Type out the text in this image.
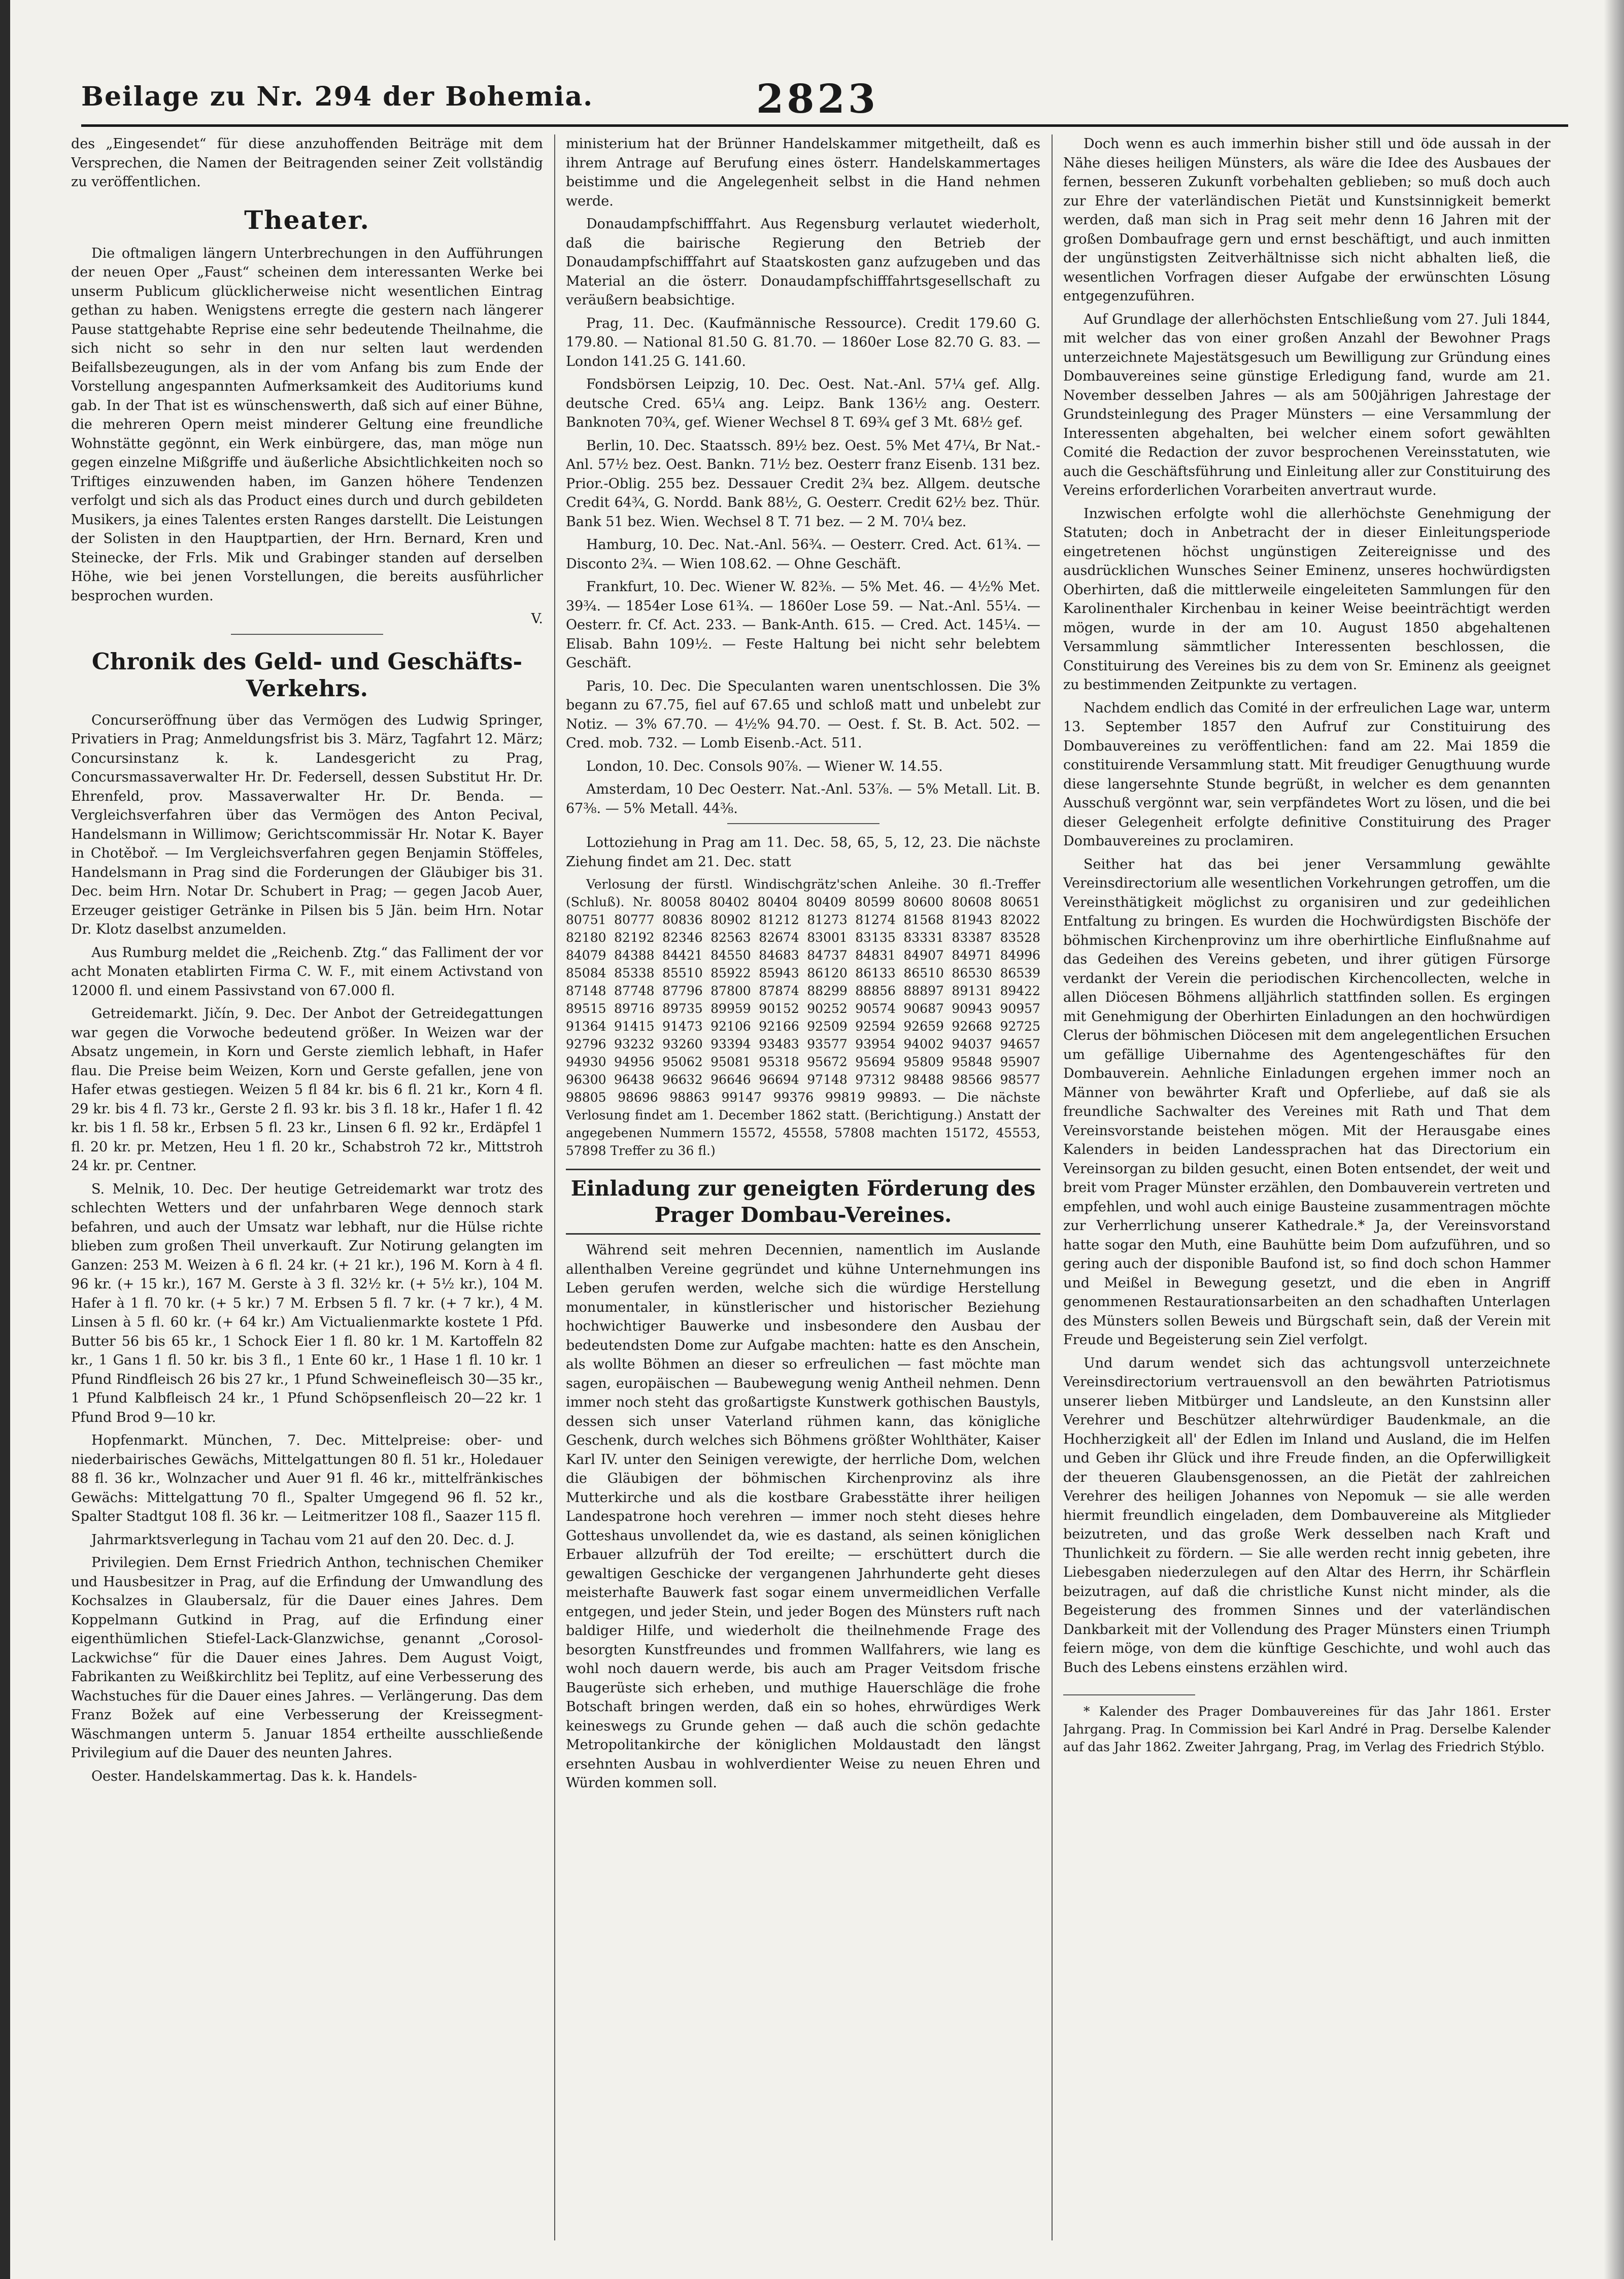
Beilage zu Nr. 294 der Bohemia.	2823

des „Eingesendet“ für diese anzuhoffenden Beiträge mit dem Versprechen, die Namen der Beitragenden seiner Zeit vollständig zu veröffentlichen.

Theater.

Die oftmaligen längern Unterbrechungen in den Aufführungen der neuen Oper „Faust“ scheinen dem interessanten Werke bei unserm Publicum glücklicherweise nicht wesentlichen Eintrag gethan zu haben. Wenigstens erregte die gestern nach längerer Pause stattgehabte Reprise eine sehr bedeutende Theilnahme, die sich nicht so sehr in den nur selten laut werdenden Beifallsbezeugungen, als in der vom Anfang bis zum Ende der Vorstellung angespannten Aufmerksamkeit des Auditoriums kund gab. In der That ist es wünschenswerth, daß sich auf einer Bühne, die mehreren Opern meist minderer Geltung eine freundliche Wohnstätte gegönnt, ein Werk einbürgere, das, man möge nun gegen einzelne Mißgriffe und äußerliche Absichtlichkeiten noch so Triftiges einzuwenden haben, im Ganzen höhere Tendenzen verfolgt und sich als das Product eines durch und durch gebildeten Musikers, ja eines Talentes ersten Ranges darstellt. Die Leistungen der Solisten in den Hauptpartien, der Hrn. Bernard, Kren und Steinecke, der Frls. Mik und Grabinger standen auf derselben Höhe, wie bei jenen Vorstellungen, die bereits ausführlicher besprochen wurden.

V.

Chronik des Geld- und Geschäfts-Verkehrs.

Concurseröffnung über das Vermögen des Ludwig Springer, Privatiers in Prag; Anmeldungsfrist bis 3. März, Tagfahrt 12. März; Concursinstanz k. k. Landesgericht zu Prag, Concursmassaverwalter Hr. Dr. Federsell, dessen Substitut Hr. Dr. Ehrenfeld, prov. Massaverwalter Hr. Dr. Benda. — Vergleichsverfahren über das Vermögen des Anton Pecival, Handelsmann in Willimow; Gerichtscommissär Hr. Notar K. Bayer in Chotěboř. — Im Vergleichsverfahren gegen Benjamin Stöffeles, Handelsmann in Prag sind die Forderungen der Gläubiger bis 31. Dec. beim Hrn. Notar Dr. Schubert in Prag; — gegen Jacob Auer, Erzeuger geistiger Getränke in Pilsen bis 5 Jän. beim Hrn. Notar Dr. Klotz daselbst anzumelden.

Aus Rumburg meldet die „Reichenb. Ztg.“ das Falliment der vor acht Monaten etablirten Firma C. W. F., mit einem Activstand von 12000 fl. und einem Passivstand von 67.000 fl.

Getreidemarkt. Jičín, 9. Dec. Der Anbot der Getreidegattungen war gegen die Vorwoche bedeutend größer. In Weizen war der Absatz ungemein, in Korn und Gerste ziemlich lebhaft, in Hafer flau. Die Preise beim Weizen, Korn und Gerste gefallen, jene von Hafer etwas gestiegen. Weizen 5 fl 84 kr. bis 6 fl. 21 kr., Korn 4 fl. 29 kr. bis 4 fl. 73 kr., Gerste 2 fl. 93 kr. bis 3 fl. 18 kr., Hafer 1 fl. 42 kr. bis 1 fl. 58 kr., Erbsen 5 fl. 23 kr., Linsen 6 fl. 92 kr., Erdäpfel 1 fl. 20 kr. pr. Metzen, Heu 1 fl. 20 kr., Schabstroh 72 kr., Mittstroh 24 kr. pr. Centner.

S. Melnik, 10. Dec. Der heutige Getreidemarkt war trotz des schlechten Wetters und der unfahrbaren Wege dennoch stark befahren, und auch der Umsatz war lebhaft, nur die Hülse richte blieben zum großen Theil unverkauft. Zur Notirung gelangten im Ganzen: 253 M. Weizen à 6 fl. 24 kr. (+ 21 kr.), 196 M. Korn à 4 fl. 96 kr. (+ 15 kr.), 167 M. Gerste à 3 fl. 32½ kr. (+ 5½ kr.), 104 M. Hafer à 1 fl. 70 kr. (+ 5 kr.) 7 M. Erbsen 5 fl. 7 kr. (+ 7 kr.), 4 M. Linsen à 5 fl. 60 kr. (+ 64 kr.) Am Victualienmarkte kostete 1 Pfd. Butter 56 bis 65 kr., 1 Schock Eier 1 fl. 80 kr. 1 M. Kartoffeln 82 kr., 1 Gans 1 fl. 50 kr. bis 3 fl., 1 Ente 60 kr., 1 Hase 1 fl. 10 kr. 1 Pfund Rindfleisch 26 bis 27 kr., 1 Pfund Schweinefleisch 30—35 kr., 1 Pfund Kalbfleisch 24 kr., 1 Pfund Schöpsenfleisch 20—22 kr. 1 Pfund Brod 9—10 kr.

Hopfenmarkt. München, 7. Dec. Mittelpreise: ober- und niederbairisches Gewächs, Mittelgattungen 80 fl. 51 kr., Holedauer 88 fl. 36 kr., Wolnzacher und Auer 91 fl. 46 kr., mittelfränkisches Gewächs: Mittelgattung 70 fl., Spalter Umgegend 96 fl. 52 kr., Spalter Stadtgut 108 fl. 36 kr. — Leitmeritzer 108 fl., Saazer 115 fl.

Jahrmarktsverlegung in Tachau vom 21 auf den 20. Dec. d. J.

Privilegien. Dem Ernst Friedrich Anthon, technischen Chemiker und Hausbesitzer in Prag, auf die Erfindung der Umwandlung des Kochsalzes in Glaubersalz, für die Dauer eines Jahres. Dem Koppelmann Gutkind in Prag, auf die Erfindung einer eigenthümlichen Stiefel-Lack-Glanzwichse, genannt „Corosol-Lackwichse“ für die Dauer eines Jahres. Dem August Voigt, Fabrikanten zu Weißkirchlitz bei Teplitz, auf eine Verbesserung des Wachstuches für die Dauer eines Jahres. — Verlängerung. Das dem Franz Božek auf eine Verbesserung der Kreissegment-Wäschmangen unterm 5. Januar 1854 ertheilte ausschließende Privilegium auf die Dauer des neunten Jahres.

Oester. Handelskammertag. Das k. k. Handels-

ministerium hat der Brünner Handelskammer mitgetheilt, daß es ihrem Antrage auf Berufung eines österr. Handelskammertages beistimme und die Angelegenheit selbst in die Hand nehmen werde.

Donaudampfschifffahrt. Aus Regensburg verlautet wiederholt, daß die bairische Regierung den Betrieb der Donaudampfschifffahrt auf Staatskosten ganz aufzugeben und das Material an die österr. Donaudampfschifffahrtsgesellschaft zu veräußern beabsichtige.

Prag, 11. Dec. (Kaufmännische Ressource). Credit 179.60 G. 179.80. — National 81.50 G. 81.70. — 1860er Lose 82.70 G. 83. — London 141.25 G. 141.60.

Fondsbörsen Leipzig, 10. Dec. Oest. Nat.-Anl. 57¼ gef. Allg. deutsche Cred. 65¼ ang. Leipz. Bank 136½ ang. Oesterr. Banknoten 70¾, gef. Wiener Wechsel 8 T. 69¾ gef 3 Mt. 68½ gef.

Berlin, 10. Dec. Staatssch. 89½ bez. Oest. 5% Met 47¼, Br Nat.-Anl. 57½ bez. Oest. Bankn. 71½ bez. Oesterr franz Eisenb. 131 bez. Prior.-Oblig. 255 bez. Dessauer Credit 2¾ bez. Allgem. deutsche Credit 64¾, G. Nordd. Bank 88½, G. Oesterr. Credit 62½ bez. Thür. Bank 51 bez. Wien. Wechsel 8 T. 71 bez. — 2 M. 70¼ bez.

Hamburg, 10. Dec. Nat.-Anl. 56¾. — Oesterr. Cred. Act. 61¾. — Disconto 2¾. — Wien 108.62. — Ohne Geschäft.

Frankfurt, 10. Dec. Wiener W. 82⅜. — 5% Met. 46. — 4½% Met. 39¾. — 1854er Lose 61¾. — 1860er Lose 59. — Nat.-Anl. 55¼. — Oesterr. fr. Cf. Act. 233. — Bank-Anth. 615. — Cred. Act. 145¼. — Elisab. Bahn 109½. — Feste Haltung bei nicht sehr belebtem Geschäft.

Paris, 10. Dec. Die Speculanten waren unentschlossen. Die 3% begann zu 67.75, fiel auf 67.65 und schloß matt und unbelebt zur Notiz. — 3% 67.70. — 4½% 94.70. — Oest. f. St. B. Act. 502. — Cred. mob. 732. — Lomb Eisenb.-Act. 511.

London, 10. Dec. Consols 90⅞. — Wiener W. 14.55.

Amsterdam, 10 Dec Oesterr. Nat.-Anl. 53⅞. — 5% Metall. Lit. B. 67⅜. — 5% Metall. 44⅜.

Lottoziehung in Prag am 11. Dec. 58, 65, 5, 12, 23. Die nächste Ziehung findet am 21. Dec. statt

Verlosung der fürstl. Windischgrätz'schen Anleihe. 30 fl.-Treffer (Schluß). Nr. 80058 80402 80404 80409 80599 80600 80608 80651 80751 80777 80836 80902 81212 81273 81274 81568 81943 82022 82180 82192 82346 82563 82674 83001 83135 83331 83387 83528 84079 84388 84421 84550 84683 84737 84831 84907 84971 84996 85084 85338 85510 85922 85943 86120 86133 86510 86530 86539 87148 87748 87796 87800 87874 88299 88856 88897 89131 89422 89515 89716 89735 89959 90152 90252 90574 90687 90943 90957 91364 91415 91473 92106 92166 92509 92594 92659 92668 92725 92796 93232 93260 93394 93483 93577 93954 94002 94037 94657 94930 94956 95062 95081 95318 95672 95694 95809 95848 95907 96300 96438 96632 96646 96694 97148 97312 98488 98566 98577 98805 98696 98863 99147 99376 99819 99893. — Die nächste Verlosung findet am 1. December 1862 statt. (Berichtigung.) Anstatt der angegebenen Nummern 15572, 45558, 57808 machten 15172, 45553, 57898 Treffer zu 36 fl.)

Einladung zur geneigten Förderung des Prager Dombau-Vereines.

Während seit mehren Decennien, namentlich im Auslande allenthalben Vereine gegründet und kühne Unternehmungen ins Leben gerufen werden, welche sich die würdige Herstellung monumentaler, in künstlerischer und historischer Beziehung hochwichtiger Bauwerke und insbesondere den Ausbau der bedeutendsten Dome zur Aufgabe machten: hatte es den Anschein, als wollte Böhmen an dieser so erfreulichen — fast möchte man sagen, europäischen — Baubewegung wenig Antheil nehmen. Denn immer noch steht das großartigste Kunstwerk gothischen Baustyls, dessen sich unser Vaterland rühmen kann, das königliche Geschenk, durch welches sich Böhmens größter Wohlthäter, Kaiser Karl IV. unter den Seinigen verewigte, der herrliche Dom, welchen die Gläubigen der böhmischen Kirchenprovinz als ihre Mutterkirche und als die kostbare Grabesstätte ihrer heiligen Landespatrone hoch verehren — immer noch steht dieses hehre Gotteshaus unvollendet da, wie es dastand, als seinen königlichen Erbauer allzufrüh der Tod ereilte; — erschüttert durch die gewaltigen Geschicke der vergangenen Jahrhunderte geht dieses meisterhafte Bauwerk fast sogar einem unvermeidlichen Verfalle entgegen, und jeder Stein, und jeder Bogen des Münsters ruft nach baldiger Hilfe, und wiederholt die theilnehmende Frage des besorgten Kunstfreundes und frommen Wallfahrers, wie lang es wohl noch dauern werde, bis auch am Prager Veitsdom frische Baugerüste sich erheben, und muthige Hauerschläge die frohe Botschaft bringen werden, daß ein so hohes, ehrwürdiges Werk keineswegs zu Grunde gehen — daß auch die schön gedachte Metropolitankirche der königlichen Moldaustadt den längst ersehnten Ausbau in wohlverdienter Weise zu neuen Ehren und Würden kommen soll.

Doch wenn es auch immerhin bisher still und öde aussah in der Nähe dieses heiligen Münsters, als wäre die Idee des Ausbaues der fernen, besseren Zukunft vorbehalten geblieben; so muß doch auch zur Ehre der vaterländischen Pietät und Kunstsinnigkeit bemerkt werden, daß man sich in Prag seit mehr denn 16 Jahren mit der großen Dombaufrage gern und ernst beschäftigt, und auch inmitten der ungünstigsten Zeitverhältnisse sich nicht abhalten ließ, die wesentlichen Vorfragen dieser Aufgabe der erwünschten Lösung entgegenzuführen.

Auf Grundlage der allerhöchsten Entschließung vom 27. Juli 1844, mit welcher das von einer großen Anzahl der Bewohner Prags unterzeichnete Majestätsgesuch um Bewilligung zur Gründung eines Dombauvereines seine günstige Erledigung fand, wurde am 21. November desselben Jahres — als am 500jährigen Jahrestage der Grundsteinlegung des Prager Münsters — eine Versammlung der Interessenten abgehalten, bei welcher einem sofort gewählten Comité die Redaction der zuvor besprochenen Vereinsstatuten, wie auch die Geschäftsführung und Einleitung aller zur Constituirung des Vereins erforderlichen Vorarbeiten anvertraut wurde.

Inzwischen erfolgte wohl die allerhöchste Genehmigung der Statuten; doch in Anbetracht der in dieser Einleitungsperiode eingetretenen höchst ungünstigen Zeitereignisse und des ausdrücklichen Wunsches Seiner Eminenz, unseres hochwürdigsten Oberhirten, daß die mittlerweile eingeleiteten Sammlungen für den Karolinenthaler Kirchenbau in keiner Weise beeinträchtigt werden mögen, wurde in der am 10. August 1850 abgehaltenen Versammlung sämmtlicher Interessenten beschlossen, die Constituirung des Vereines bis zu dem von Sr. Eminenz als geeignet zu bestimmenden Zeitpunkte zu vertagen.

Nachdem endlich das Comité in der erfreulichen Lage war, unterm 13. September 1857 den Aufruf zur Constituirung des Dombauvereines zu veröffentlichen: fand am 22. Mai 1859 die constituirende Versammlung statt. Mit freudiger Genugthuung wurde diese langersehnte Stunde begrüßt, in welcher es dem genannten Ausschuß vergönnt war, sein verpfändetes Wort zu lösen, und die bei dieser Gelegenheit erfolgte definitive Constituirung des Prager Dombauvereines zu proclamiren.

Seither hat das bei jener Versammlung gewählte Vereinsdirectorium alle wesentlichen Vorkehrungen getroffen, um die Vereinsthätigkeit möglichst zu organisiren und zur gedeihlichen Entfaltung zu bringen. Es wurden die Hochwürdigsten Bischöfe der böhmischen Kirchenprovinz um ihre oberhirtliche Einflußnahme auf das Gedeihen des Vereins gebeten, und ihrer gütigen Fürsorge verdankt der Verein die periodischen Kirchencollecten, welche in allen Diöcesen Böhmens alljährlich stattfinden sollen. Es ergingen mit Genehmigung der Oberhirten Einladungen an den hochwürdigen Clerus der böhmischen Diöcesen mit dem angelegentlichen Ersuchen um gefällige Uibernahme des Agentengeschäftes für den Dombauverein. Aehnliche Einladungen ergehen immer noch an Männer von bewährter Kraft und Opferliebe, auf daß sie als freundliche Sachwalter des Vereines mit Rath und That dem Vereinsvorstande beistehen mögen. Mit der Herausgabe eines Kalenders in beiden Landessprachen hat das Directorium ein Vereinsorgan zu bilden gesucht, einen Boten entsendet, der weit und breit vom Prager Münster erzählen, den Dombauverein vertreten und empfehlen, und wohl auch einige Bausteine zusammentragen möchte zur Verherrlichung unserer Kathedrale.* Ja, der Vereinsvorstand hatte sogar den Muth, eine Bauhütte beim Dom aufzuführen, und so gering auch der disponible Baufond ist, so find doch schon Hammer und Meißel in Bewegung gesetzt, und die eben in Angriff genommenen Restaurationsarbeiten an den schadhaften Unterlagen des Münsters sollen Beweis und Bürgschaft sein, daß der Verein mit Freude und Begeisterung sein Ziel verfolgt.

Und darum wendet sich das achtungsvoll unterzeichnete Vereinsdirectorium vertrauensvoll an den bewährten Patriotismus unserer lieben Mitbürger und Landsleute, an den Kunstsinn aller Verehrer und Beschützer altehrwürdiger Baudenkmale, an die Hochherzigkeit all' der Edlen im Inland und Ausland, die im Helfen und Geben ihr Glück und ihre Freude finden, an die Opferwilligkeit der theueren Glaubensgenossen, an die Pietät der zahlreichen Verehrer des heiligen Johannes von Nepomuk — sie alle werden hiermit freundlich eingeladen, dem Dombauvereine als Mitglieder beizutreten, und das große Werk desselben nach Kraft und Thunlichkeit zu fördern. — Sie alle werden recht innig gebeten, ihre Liebesgaben niederzulegen auf den Altar des Herrn, ihr Schärflein beizutragen, auf daß die christliche Kunst nicht minder, als die Begeisterung des frommen Sinnes und der vaterländischen Dankbarkeit mit der Vollendung des Prager Münsters einen Triumph feiern möge, von dem die künftige Geschichte, und wohl auch das Buch des Lebens einstens erzählen wird.

* Kalender des Prager Dombauvereines für das Jahr 1861. Erster Jahrgang. Prag. In Commission bei Karl André in Prag. Derselbe Kalender auf das Jahr 1862. Zweiter Jahrgang, Prag, im Verlag des Friedrich Stýblo.
